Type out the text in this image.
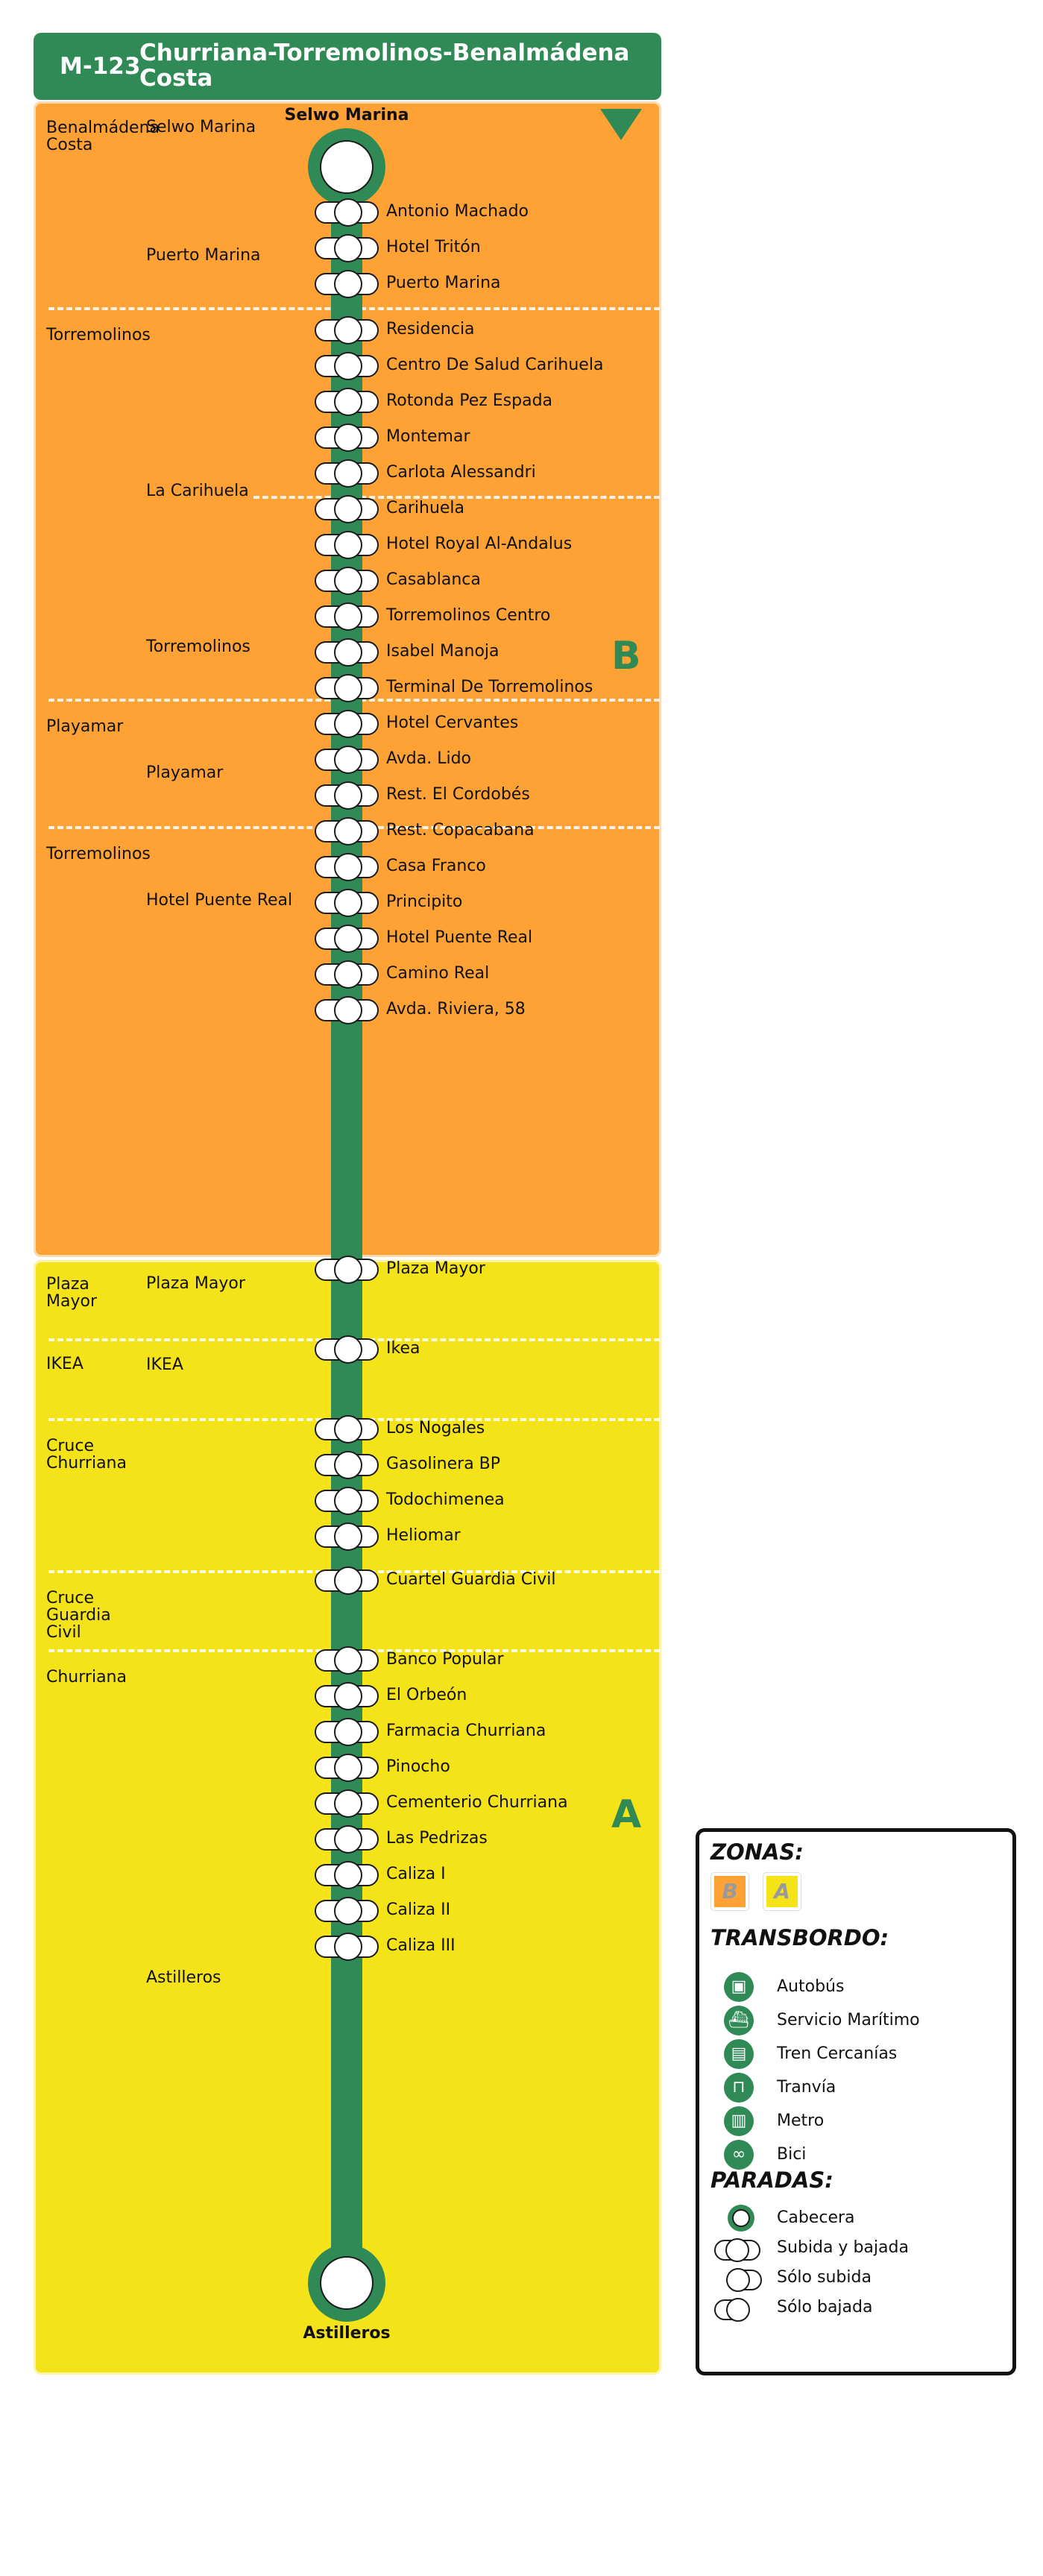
M-123
Churriana-Torremolinos-Benalmádena Costa
B
A
Benalmádena Costa
Torremolinos
Playamar
Torremolinos
Plaza Mayor
IKEA
Cruce Churriana
Cruce Guardia Civil
Churriana
Selwo Marina
Puerto Marina
La Carihuela
Torremolinos
Playamar
Hotel Puente Real
Plaza Mayor
IKEA
Astilleros
Selwo Marina
Astilleros
Antonio Machado
Hotel Tritón
Puerto Marina
Residencia
Centro De Salud Carihuela
Rotonda Pez Espada
Montemar
Carlota Alessandri
Carihuela
Hotel Royal Al-Andalus
Casablanca
Torremolinos Centro
Isabel Manoja
Terminal De Torremolinos
Hotel Cervantes
Avda. Lido
Rest. El Cordobés
Rest. Copacabana
Casa Franco
Principito
Hotel Puente Real
Camino Real
Avda. Riviera, 58
Plaza Mayor
Ikea
Los Nogales
Gasolinera BP
Todochimenea
Heliomar
Cuartel Guardia Civil
Banco Popular
El Orbeón
Farmacia Churriana
Pinocho
Cementerio Churriana
Las Pedrizas
Caliza I
Caliza II
Caliza III
ZONAS:
B	A
TRANSBORDO:
▣	Autobús
⛴ Servicio Marítimo
▤	Tren Cercanías
⊓	Tranvía
▥	Metro
∞	Bici
PARADAS:
Cabecera
Subida y bajada
Sólo subida
Sólo bajada
